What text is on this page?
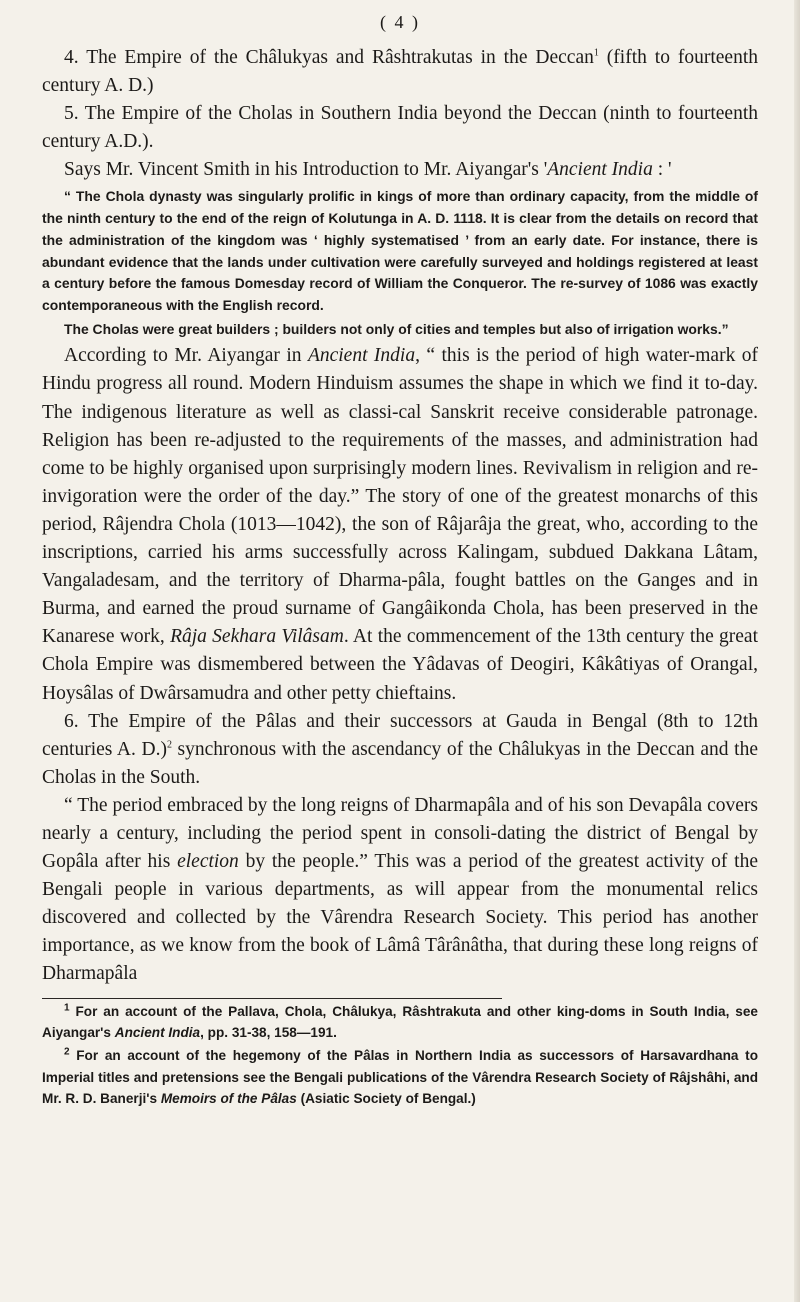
( 4 )

4. The Empire of the Châlukyas and Râshtrakutas in the Deccan$^1$ (fifth to fourteenth century A. D.)

5. The Empire of the Cholas in Southern India beyond the Deccan (ninth to fourteenth century A.D.).

Says Mr. Vincent Smith in his Introduction to Mr. Aiyangar's 'Ancient India : '

“ The Chola dynasty was singularly prolific in kings of more than ordinary capacity, from the middle of the ninth century to the end of the reign of Kolutunga in A. D. 1118. It is clear from the details on record that the administration of the kingdom was ‘ highly systematised ’ from an early date. For instance, there is abundant evidence that the lands under cultivation were carefully surveyed and holdings registered at least a century before the famous Domesday record of William the Conqueror. The re-survey of 1086 was exactly contemporaneous with the English record.

The Cholas were great builders ; builders not only of cities and temples but also of irrigation works.”

According to Mr. Aiyangar in Ancient India, “ this is the period of high water-mark of Hindu progress all round. Modern Hinduism assumes the shape in which we find it to-day. The indigenous literature as well as classi-cal Sanskrit receive considerable patronage. Religion has been re-adjusted to the requirements of the masses, and administration had come to be highly organised upon surprisingly modern lines. Revivalism in religion and re-invigoration were the order of the day.” The story of one of the greatest monarchs of this period, Râjendra Chola (1013—1042), the son of Râjarâja the great, who, according to the inscriptions, carried his arms successfully across Kalingam, subdued Dakkana Lâtam, Vangaladesam, and the territory of Dharma-pâla, fought battles on the Ganges and in Burma, and earned the proud surname of Gangâikonda Chola, has been preserved in the Kanarese work, Râja Sekhara Vilâsam. At the commencement of the 13th century the great Chola Empire was dismembered between the Yâdavas of Deogiri, Kâkâtiyas of Orangal, Hoysâlas of Dwârsamudra and other petty chieftains.

6. The Empire of the Pâlas and their successors at Gauda in Bengal (8th to 12th centuries A. D.)$^2$ synchronous with the ascendancy of the Châlukyas in the Deccan and the Cholas in the South.

“ The period embraced by the long reigns of Dharmapâla and of his son Devapâla covers nearly a century, including the period spent in consoli-dating the district of Bengal by Gopâla after his election by the people.” This was a period of the greatest activity of the Bengali people in various departments, as will appear from the monumental relics discovered and collected by the Vârendra Research Society. This period has another importance, as we know from the book of Lâmâ Târânâtha, that during these long reigns of Dharmapâla

$^1$ For an account of the Pallava, Chola, Châlukya, Râshtrakuta and other king-doms in South India, see Aiyangar's Ancient India, pp. 31-38, 158—191.

$^2$ For an account of the hegemony of the Pâlas in Northern India as successors of Harsavardhana to Imperial titles and pretensions see the Bengali publications of the Vârendra Research Society of Râjshâhi, and Mr. R. D. Banerji's Memoirs of the Pâlas (Asiatic Society of Bengal.)
